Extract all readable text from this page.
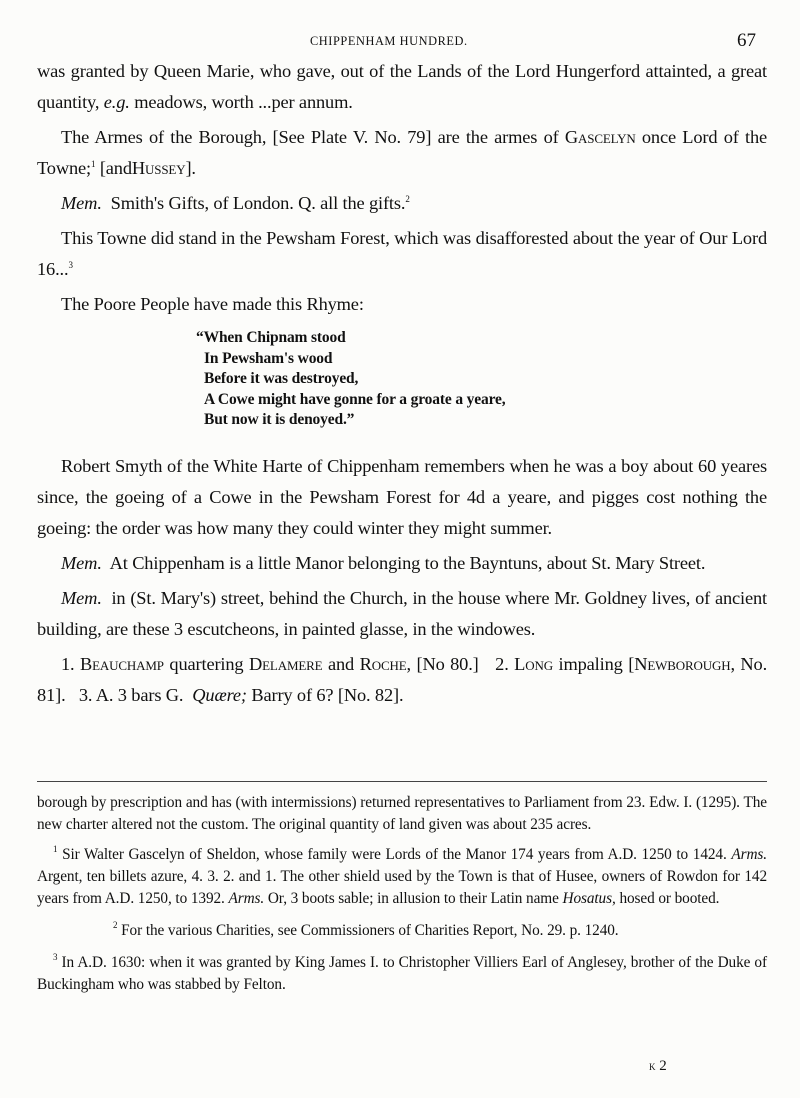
CHIPPENHAM HUNDRED.	67

was granted by Queen Marie, who gave, out of the Lands of the Lord Hungerford attainted, a great quantity, e.g. meadows, worth ...per annum.

The Armes of the Borough, [See Plate V. No. 79] are the armes of Gascelyn once Lord of the Towne;$^1$ [andHussey].

Mem. Smith's Gifts, of London. Q. all the gifts.$^2$

This Towne did stand in the Pewsham Forest, which was disafforested about the year of Our Lord 16...$^3$

The Poore People have made this Rhyme:

“When Chipnam stood
In Pewsham's wood
Before it was destroyed,
A Cowe might have gonne for a groate a yeare,
But now it is denoyed.”

Robert Smyth of the White Harte of Chippenham remembers when he was a boy about 60 yeares since, the goeing of a Cowe in the Pewsham Forest for 4d a yeare, and pigges cost nothing the goeing: the order was how many they could winter they might summer.

Mem. At Chippenham is a little Manor belonging to the Bayntuns, about St. Mary Street.

Mem. in (St. Mary's) street, behind the Church, in the house where Mr. Goldney lives, of ancient building, are these 3 escutcheons, in painted glasse, in the windowes.

1. Beauchamp quartering Delamere and Roche, [No 80.] 2. Long impaling [Newborough, No. 81]. 3. A. 3 bars G. Quære; Barry of 6? [No. 82].

borough by prescription and has (with intermissions) returned representatives to Parliament from 23. Edw. I. (1295). The new charter altered not the custom. The original quantity of land given was about 235 acres.

$^1$ Sir Walter Gascelyn of Sheldon, whose family were Lords of the Manor 174 years from A.D. 1250 to 1424. Arms. Argent, ten billets azure, 4. 3. 2. and 1. The other shield used by the Town is that of Husee, owners of Rowdon for 142 years from A.D. 1250, to 1392. Arms. Or, 3 boots sable; in allusion to their Latin name Hosatus, hosed or booted.

$^2$ For the various Charities, see Commissioners of Charities Report, No. 29. p. 1240.

$^3$ In A.D. 1630: when it was granted by King James I. to Christopher Villiers Earl of Anglesey, brother of the Duke of Buckingham who was stabbed by Felton.

k 2
